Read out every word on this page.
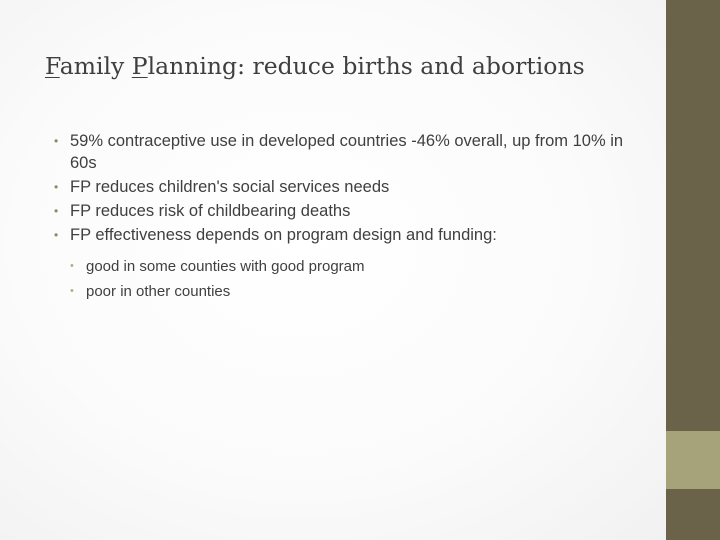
Family Planning: reduce births and abortions
• 59% contraceptive use in developed countries -46% overall, up from 10% in 60s
• FP reduces children's social services needs
• FP reduces risk of childbearing deaths
• FP effectiveness depends on program design and funding:
• good in some counties with good program
• poor in other counties
